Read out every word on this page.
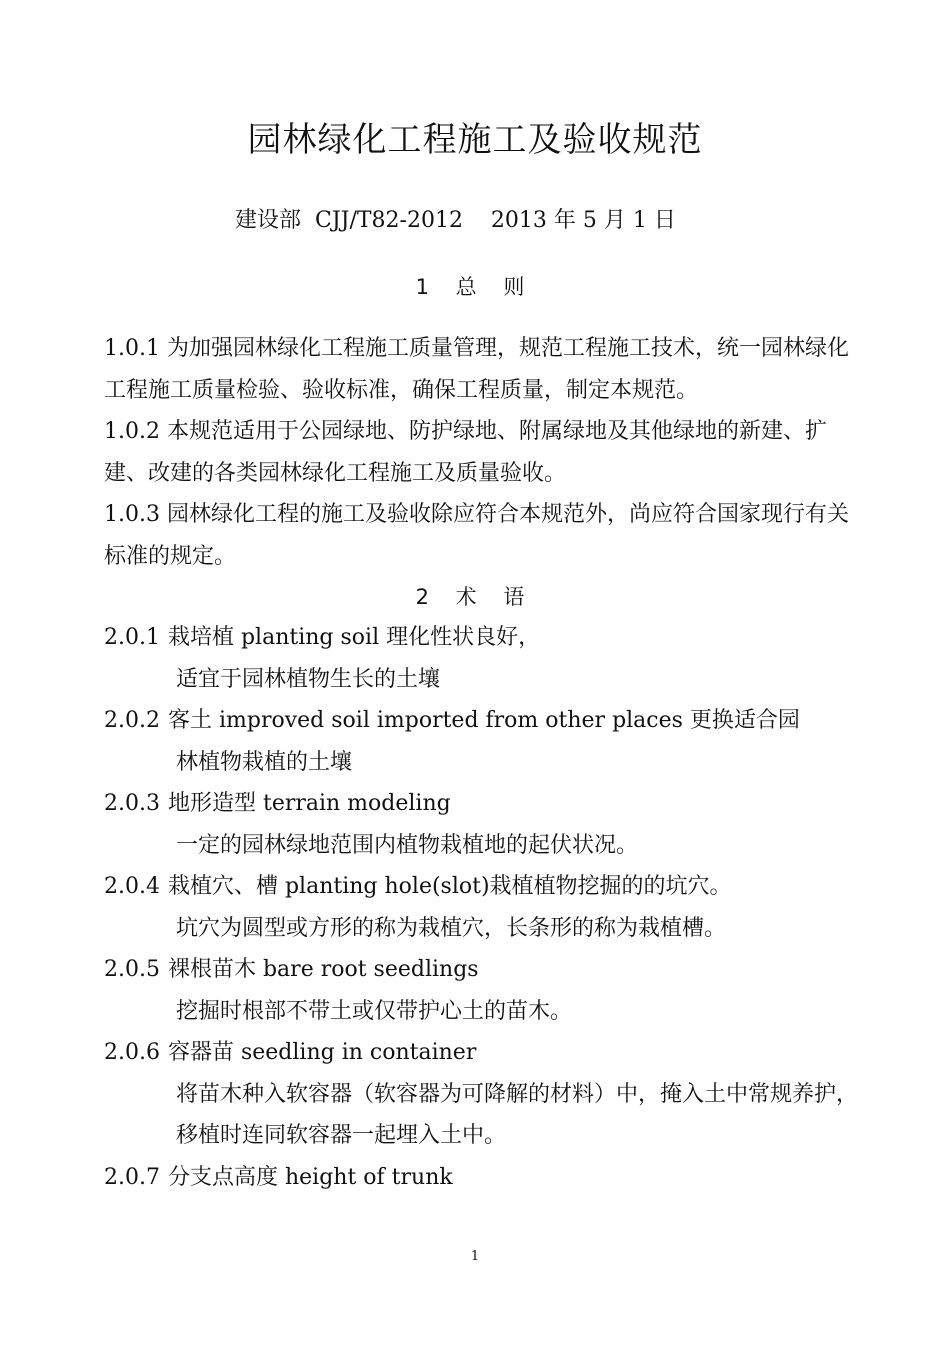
园林绿化工程施工及验收规范
建设部  CJJ/T82-2012    2013 年 5 月 1 日
1 总 则

1.0.1 为加强园林绿化工程施工质量管理，规范工程施工技术，统一园林绿化工程施工质量检验、验收标准，确保工程质量，制定本规范。

1.0.2 本规范适用于公园绿地、防护绿地、附属绿地及其他绿地的新建、扩建、改建的各类园林绿化工程施工及质量验收。

1.0.3 园林绿化工程的施工及验收除应符合本规范外，尚应符合国家现行有关标准的规定。

2 术 语
2.0.1 栽培植 planting soil 理化性状良好，
适宜于园林植物生长的土壤
2.0.2 客土 improved soil imported from other places 更换适合园
林植物栽植的土壤
2.0.3 地形造型 terrain modeling
一定的园林绿地范围内植物栽植地的起伏状况。
2.0.4 栽植穴、槽 planting hole(slot)栽植植物挖掘的的坑穴。
坑穴为圆型或方形的称为栽植穴，长条形的称为栽植槽。
2.0.5 裸根苗木 bare root seedlings
挖掘时根部不带土或仅带护心土的苗木。
2.0.6 容器苗 seedling in container
将苗木种入软容器（软容器为可降解的材料）中，掩入土中常规养护，移植时连同软容器一起埋入土中。
2.0.7 分支点高度 height of trunk
1
